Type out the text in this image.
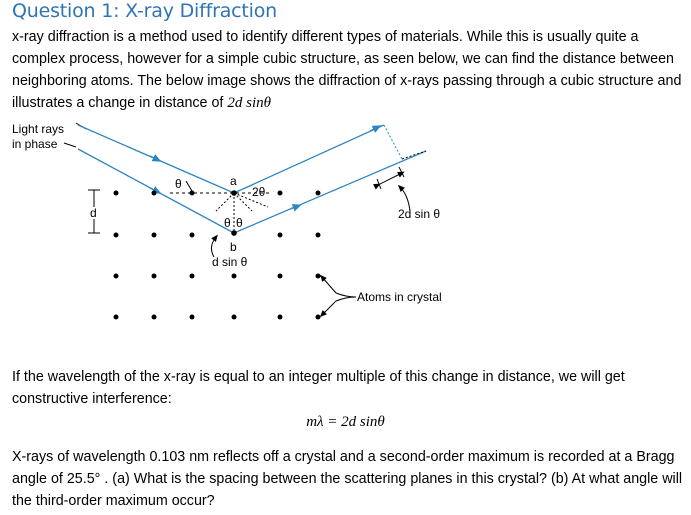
Question 1: X-ray Diffraction
x-ray diffraction is a method used to identify different types of materials. While this is usually quite a complex process, however for a simple cubic structure, as seen below, we can find the distance between neighboring atoms. The below image shows the diffraction of x-rays passing through a cubic structure and illustrates a change in distance of 2d sinθ
Light rays
in phase
2d sin θ
θ	a
2θ
θ θ
b
d sin θ
d
Atoms in crystal
If the wavelength of the x-ray is equal to an integer multiple of this change in distance, we will get constructive interference:
mλ = 2d sinθ
X-rays of wavelength 0.103 nm reflects off a crystal and a second-order maximum is recorded at a Bragg angle of 25.5° . (a) What is the spacing between the scattering planes in this crystal? (b) At what angle will the third-order maximum occur?
